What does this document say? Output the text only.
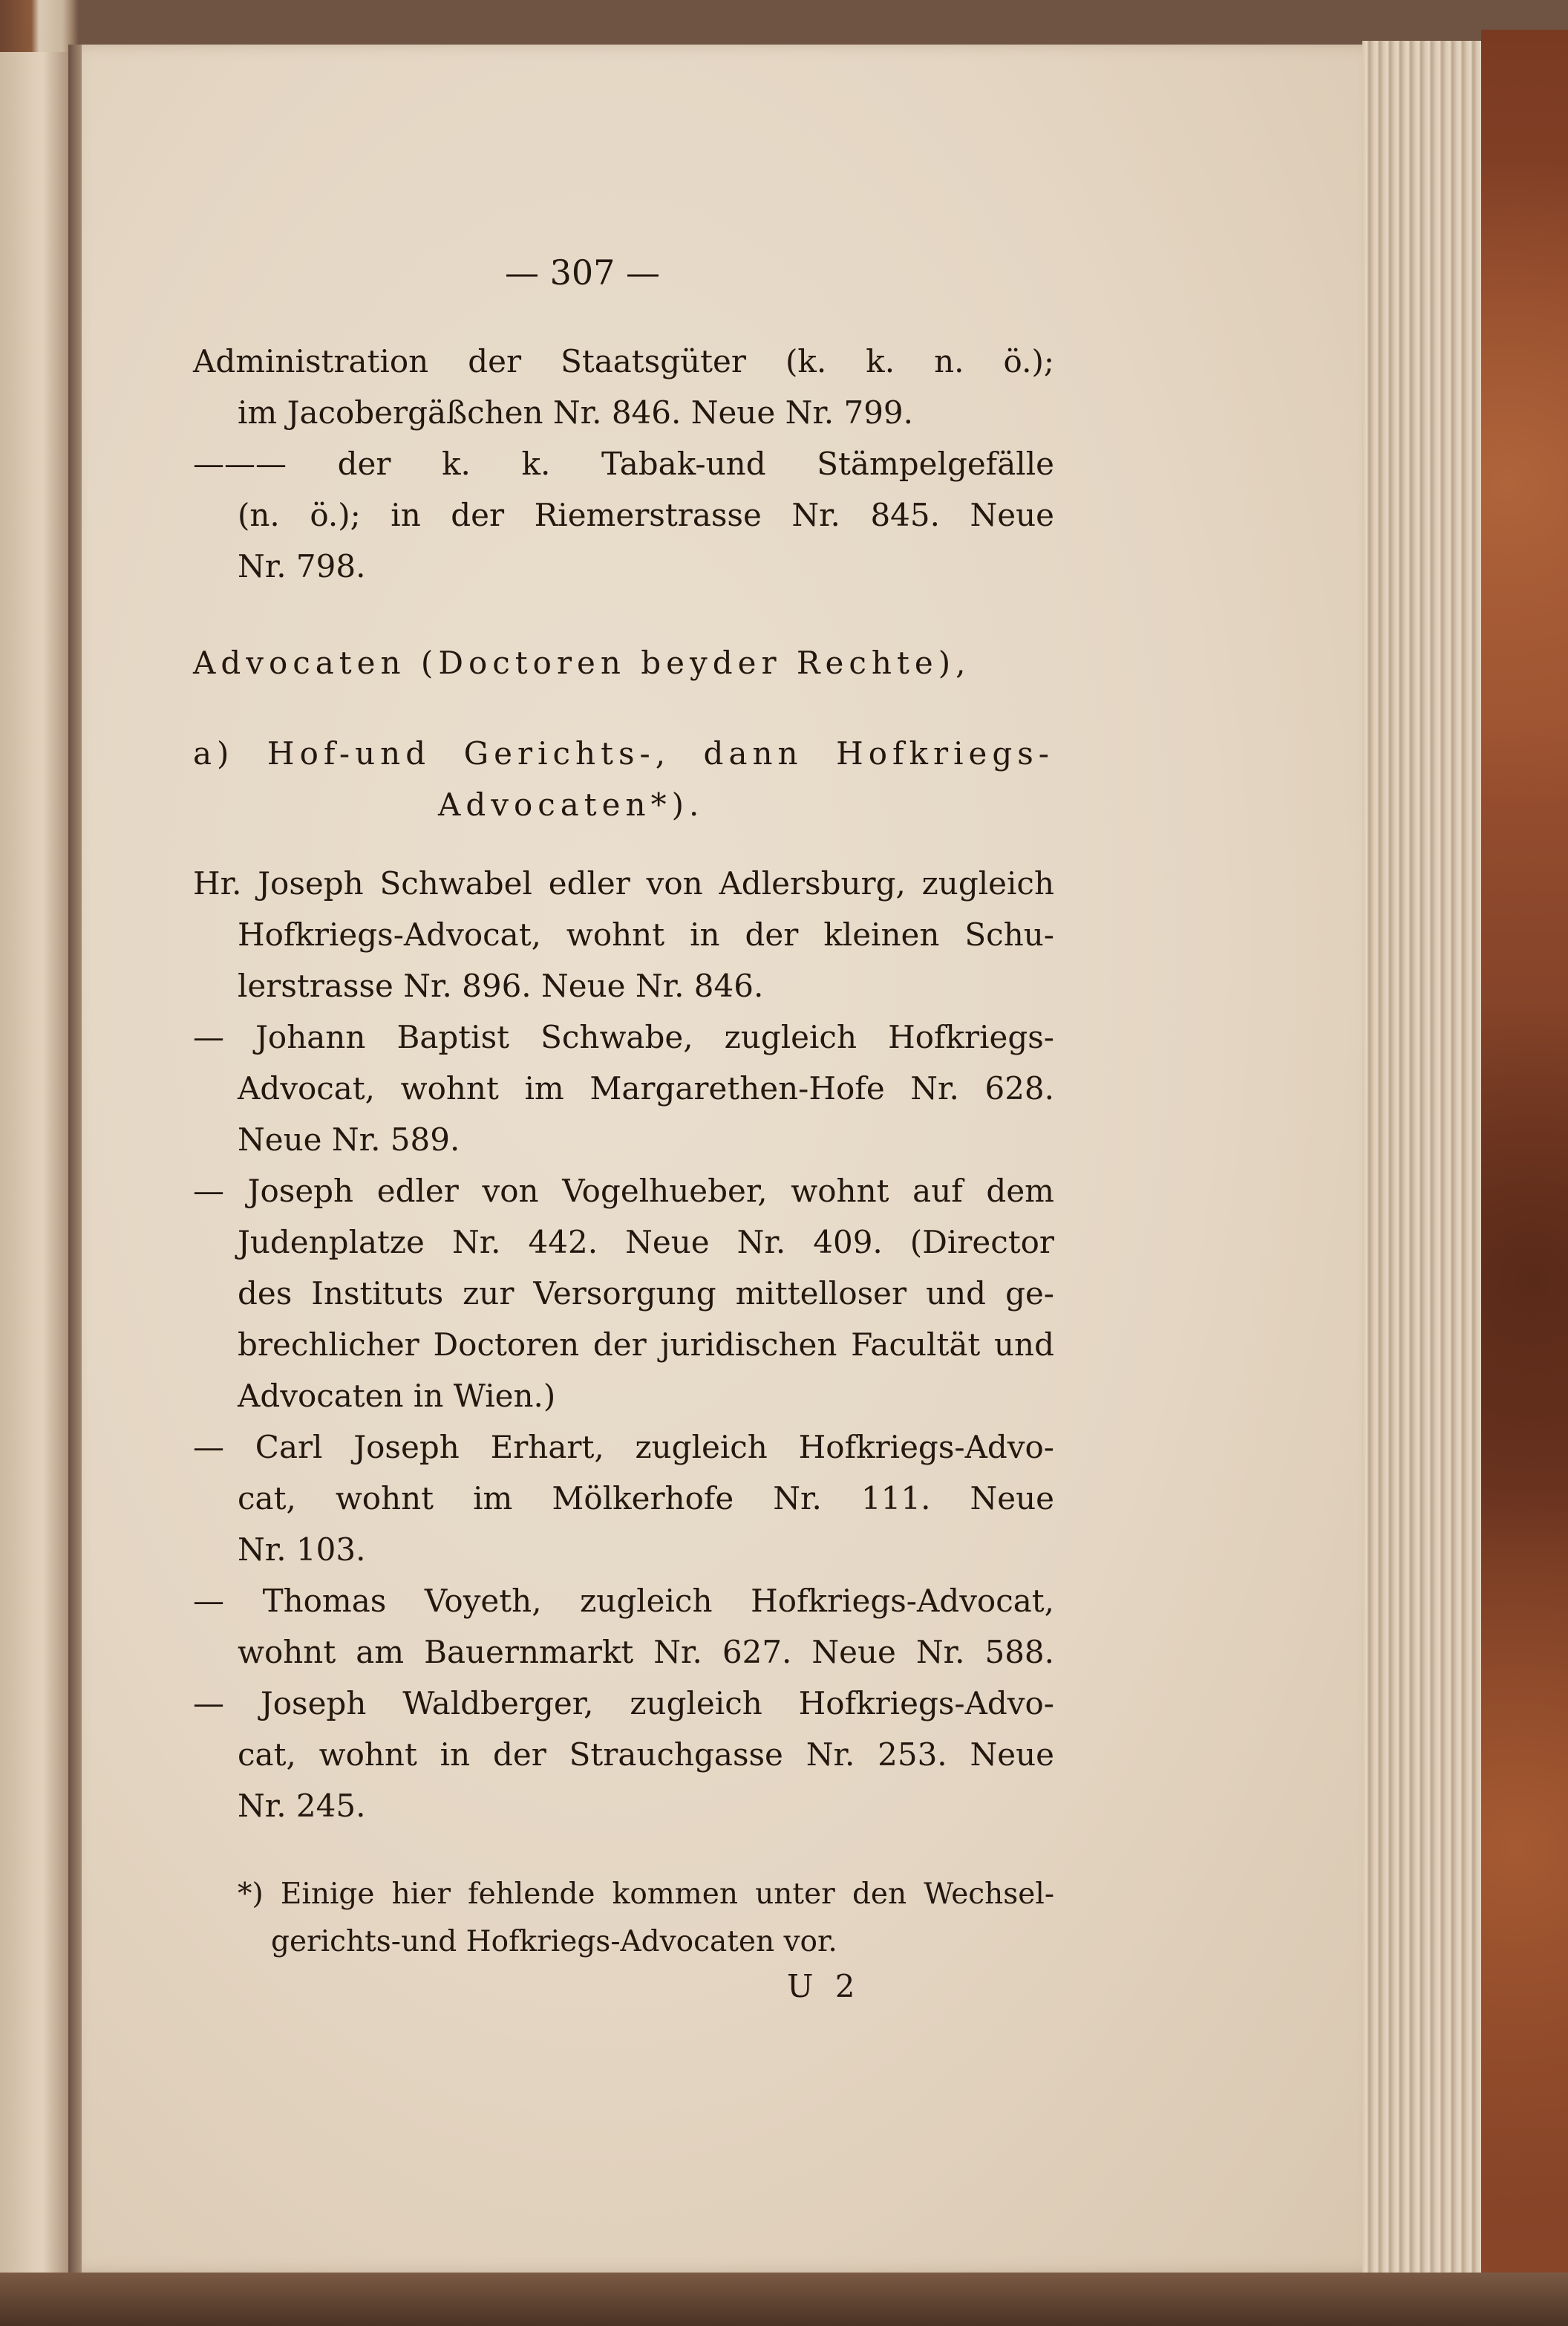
— 307 —
Administration der Staatsgüter (k. k. n. ö.);
im Jacobergäßchen Nr. 846. Neue Nr. 799.
——— der k. k. Tabak-und Stämpelgefälle
(n. ö.); in der Riemerstrasse Nr. 845. Neue
Nr. 798.
Advocaten (Doctoren beyder Rechte),
a) Hof-und Gerichts-, dann Hofkriegs-
Advocaten*).
Hr. Joseph Schwabel edler von Adlersburg, zugleich
Hofkriegs-Advocat, wohnt in der kleinen Schu-
lerstrasse Nr. 896. Neue Nr. 846.
— Johann Baptist Schwabe, zugleich Hofkriegs-
Advocat, wohnt im Margarethen-Hofe Nr. 628.
Neue Nr. 589.
— Joseph edler von Vogelhueber, wohnt auf dem
Judenplatze Nr. 442. Neue Nr. 409. (Director
des Instituts zur Versorgung mittelloser und ge-
brechlicher Doctoren der juridischen Facultät und
Advocaten in Wien.)
— Carl Joseph Erhart, zugleich Hofkriegs-Advo-
cat, wohnt im Mölkerhofe Nr. 111. Neue
Nr. 103.
— Thomas Voyeth, zugleich Hofkriegs-Advocat,
wohnt am Bauernmarkt Nr. 627. Neue Nr. 588.
— Joseph Waldberger, zugleich Hofkriegs-Advo-
cat, wohnt in der Strauchgasse Nr. 253. Neue
Nr. 245.
*) Einige hier fehlende kommen unter den Wechsel-
gerichts-und Hofkriegs-Advocaten vor.
U 2
